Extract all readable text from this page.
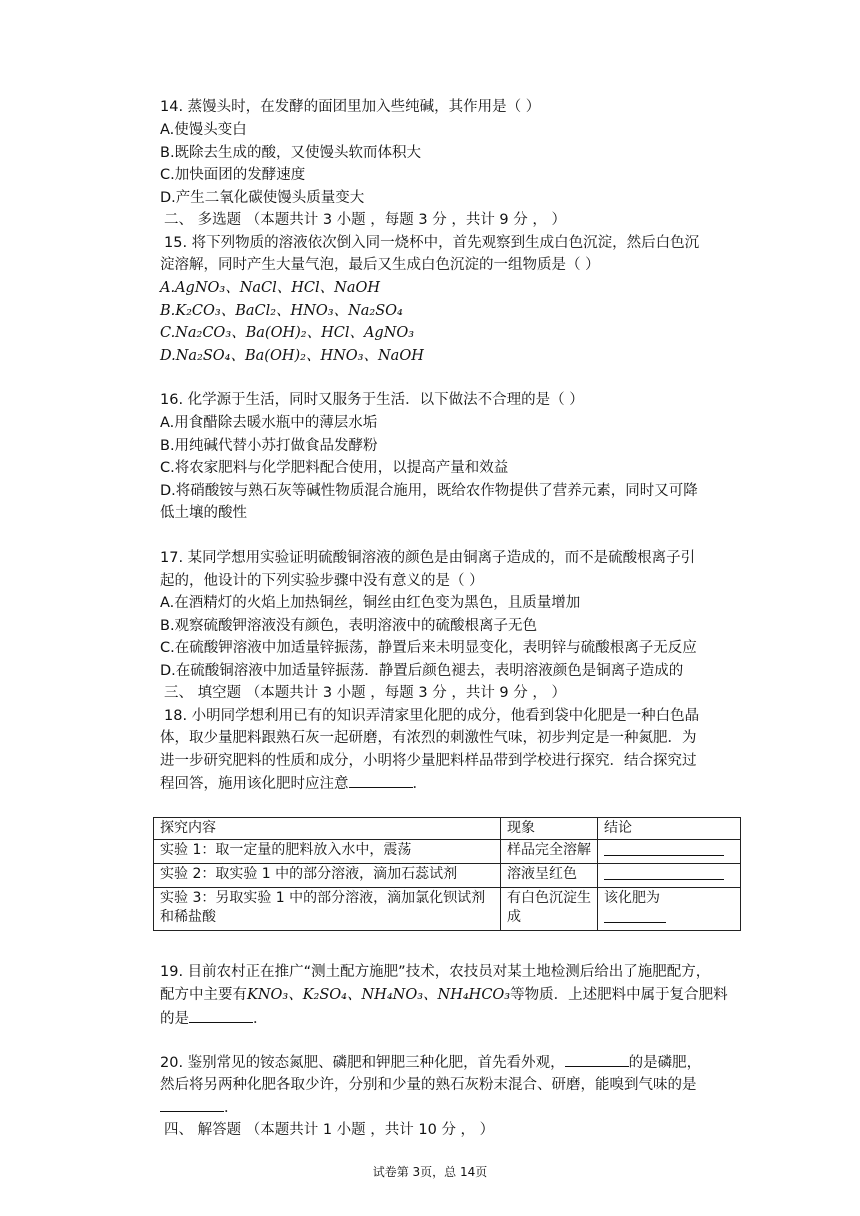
14. 蒸馒头时，在发酵的面团里加入些纯碱，其作用是（ ）
A.使馒头变白
B.既除去生成的酸，又使馒头软而体积大
C.加快面团的发酵速度
D.产生二氧化碳使馒头质量变大
二、 多选题 （本题共计 3 小题 ，每题 3 分 ，共计 9 分 ， ）
15. 将下列物质的溶液依次倒入同一烧杯中，首先观察到生成白色沉淀，然后白色沉
淀溶解，同时产生大量气泡，最后又生成白色沉淀的一组物质是（ ）
A.AgNO₃、NaCl、HCl、NaOH
B.K₂CO₃、BaCl₂、HNO₃、Na₂SO₄
C.Na₂CO₃、Ba(OH)₂、HCl、AgNO₃
D.Na₂SO₄、Ba(OH)₂、HNO₃、NaOH
16. 化学源于生活，同时又服务于生活．以下做法不合理的是（ ）
A.用食醋除去暖水瓶中的薄层水垢
B.用纯碱代替小苏打做食品发酵粉
C.将农家肥料与化学肥料配合使用，以提高产量和效益
D.将硝酸铵与熟石灰等碱性物质混合施用，既给农作物提供了营养元素，同时又可降
低土壤的酸性
17. 某同学想用实验证明硫酸铜溶液的颜色是由铜离子造成的，而不是硫酸根离子引
起的，他设计的下列实验步骤中没有意义的是（ ）
A.在酒精灯的火焰上加热铜丝，铜丝由红色变为黑色，且质量增加
B.观察硫酸钾溶液没有颜色，表明溶液中的硫酸根离子无色
C.在硫酸钾溶液中加适量锌振荡，静置后来未明显变化，表明锌与硫酸根离子无反应
D.在硫酸铜溶液中加适量锌振荡．静置后颜色褪去，表明溶液颜色是铜离子造成的
三、 填空题 （本题共计 3 小题 ，每题 3 分 ，共计 9 分 ， ）
18. 小明同学想利用已有的知识弄清家里化肥的成分，他看到袋中化肥是一种白色晶
体，取少量肥料跟熟石灰一起研磨，有浓烈的刺激性气味，初步判定是一种氮肥．为
进一步研究肥料的性质和成分，小明将少量肥料样品带到学校进行探究．结合探究过
程回答，施用该化肥时应注意	．
探究内容	现象	结论
实验 1：取一定量的肥料放入水中，震荡	样品完全溶解	
实验 2：取实验 1 中的部分溶液，滴加石蕊试剂	溶液呈红色	
实验 3：另取实验 1 中的部分溶液，滴加氯化钡试剂和稀盐酸	有白色沉淀生成	该化肥为
19. 目前农村正在推广“测土配方施肥”技术，农技员对某土地检测后给出了施肥配方，
配方中主要有KNO₃、K₂SO₄、NH₄NO₃、NH₄HCO₃等物质．上述肥料中属于复合肥料
的是	．
20. 鉴别常见的铵态氮肥、磷肥和钾肥三种化肥，首先看外观，	的是磷肥，
然后将另两种化肥各取少许，分别和少量的熟石灰粉末混合、研磨，能嗅到气味的是
．
四、 解答题 （本题共计 1 小题 ，共计 10 分 ， ）
试卷第 3页，总 14页
